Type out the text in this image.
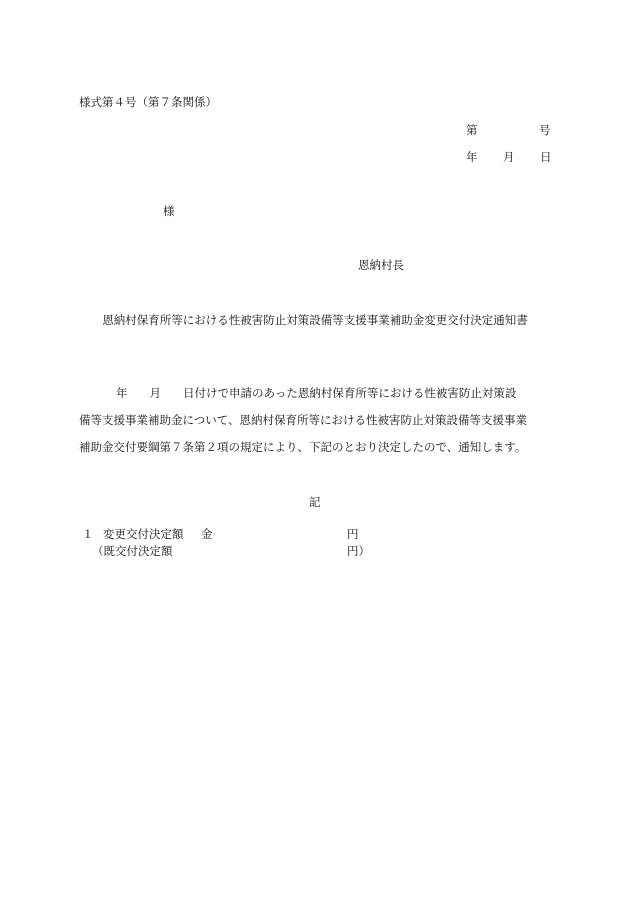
様式第４号（第７条関係）
第	号
年 月 日
様
恩納村長
恩納村保育所等における性被害防止対策設備等支援事業補助金変更交付決定通知書
年 月 日付けで申請のあった恩納村保育所等における性被害防止対策設
備等支援事業補助金について、恩納村保育所等における性被害防止対策設備等支援事業
補助金交付要綱第７条第２項の規定により、下記のとおり決定したので、通知します。
記
１ 変更交付決定額 金	円
（既交付決定額	円）
